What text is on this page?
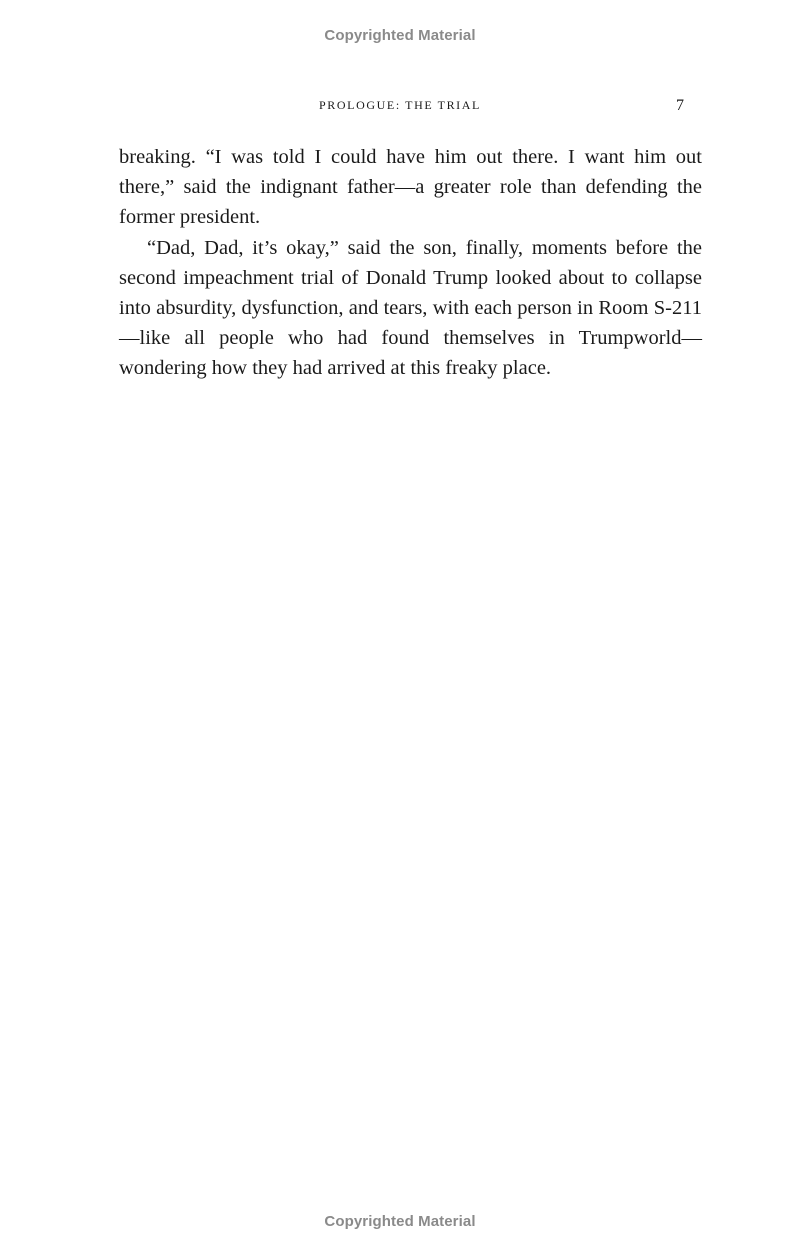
Copyrighted Material
PROLOGUE: THE TRIAL	7

breaking. “I was told I could have him out there. I want him out there,” said the indignant father—a greater role than defending the former president.

“Dad, Dad, it’s okay,” said the son, finally, moments before the second impeachment trial of Donald Trump looked about to collapse into absurdity, dysfunction, and tears, with each person in Room S-211—like all people who had found themselves in Trumpworld—wondering how they had arrived at this freaky place.

Copyrighted Material
